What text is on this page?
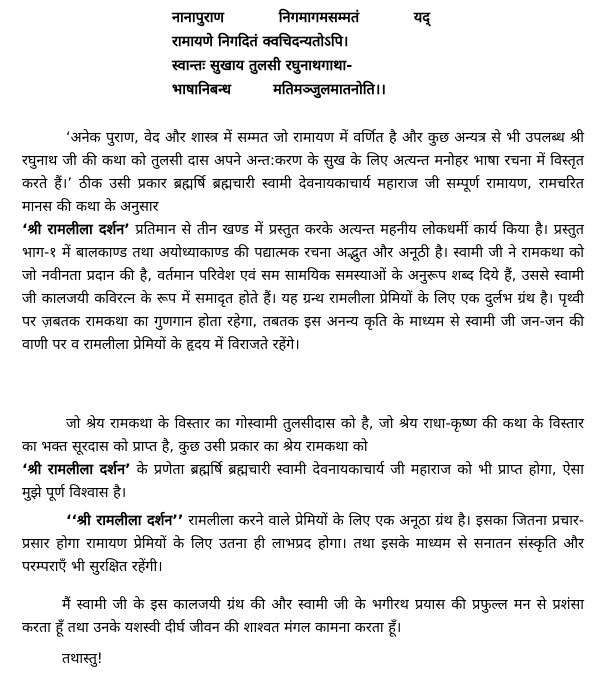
नानापुराण	निगमागमसम्मतं	यद्
रामायणे निगदितं क्वचिदन्यतोऽपि।
स्वान्तः सुखाय तुलसी रघुनाथगाथा-
भाषानिबन्ध	मतिमञ्जुलमातनोति।।

‘अनेक पुराण, वेद और शास्त्र में सम्मत जो रामायण में वर्णित है और कुछ अन्यत्र से भी उपलब्ध श्री रघुनाथ जी की कथा को तुलसी दास अपने अन्त:करण के सुख के लिए अत्यन्त मनोहर भाषा रचना में विस्तृत करते हैं।’ ठीक उसी प्रकार ब्रह्मर्षि ब्रह्मचारी स्वामी देवनायकाचार्य महाराज जी सम्पूर्ण रामायण, रामचरित मानस की कथा के अनुसार
‘श्री रामलीला दर्शन’ प्रतिमान से तीन खण्ड में प्रस्तुत करके अत्यन्त महनीय लोकधर्मी कार्य किया है। प्रस्तुत भाग-१ में बालकाण्ड तथा अयोध्याकाण्ड की पद्यात्मक रचना अद्भुत और अनूठी है। स्वामी जी ने रामकथा को जो नवीनता प्रदान की है, वर्तमान परिवेश एवं सम सामयिक समस्याओं के अनुरूप शब्द दिये हैं, उससे स्वामी जी कालजयी कविरत्न के रूप में समादृत होते हैं। यह ग्रन्थ रामलीला प्रेमियों के लिए एक दुर्लभ ग्रंथ है। पृथ्वी पर ज़बतक रामकथा का गुणगान होता रहेगा, तबतक इस अनन्य कृति के माध्यम से स्वामी जी जन-जन की वाणी पर व रामलीला प्रेमियों के हृदय में विराजते रहेंगे।

जो श्रेय रामकथा के विस्तार का गोस्वामी तुलसीदास को है, जो श्रेय राधा-कृष्ण की कथा के विस्तार का भक्त सूरदास को प्राप्त है, कुछ उसी प्रकार का श्रेय रामकथा को
‘श्री रामलीला दर्शन’ के प्रणेता ब्रह्मर्षि ब्रह्मचारी स्वामी देवनायकाचार्य जी महाराज को भी प्राप्त होगा, ऐसा मुझे पूर्ण विश्वास है।

‘‘श्री रामलीला दर्शन’’ रामलीला करने वाले प्रेमियों के लिए एक अनूठा ग्रंथ है। इसका जितना प्रचार-प्रसार होगा रामायण प्रेमियों के लिए उतना ही लाभप्रद होगा। तथा इसके माध्यम से सनातन संस्कृति और परम्पराएँ भी सुरक्षित रहेंगी।

मैं स्वामी जी के इस कालजयी ग्रंथ की और स्वामी जी के भगीरथ प्रयास की प्रफुल्ल मन से प्रशंसा करता हूँ तथा उनके यशस्वी दीर्घ जीवन की शाश्वत मंगल कामना करता हूँ।

तथास्तु!
